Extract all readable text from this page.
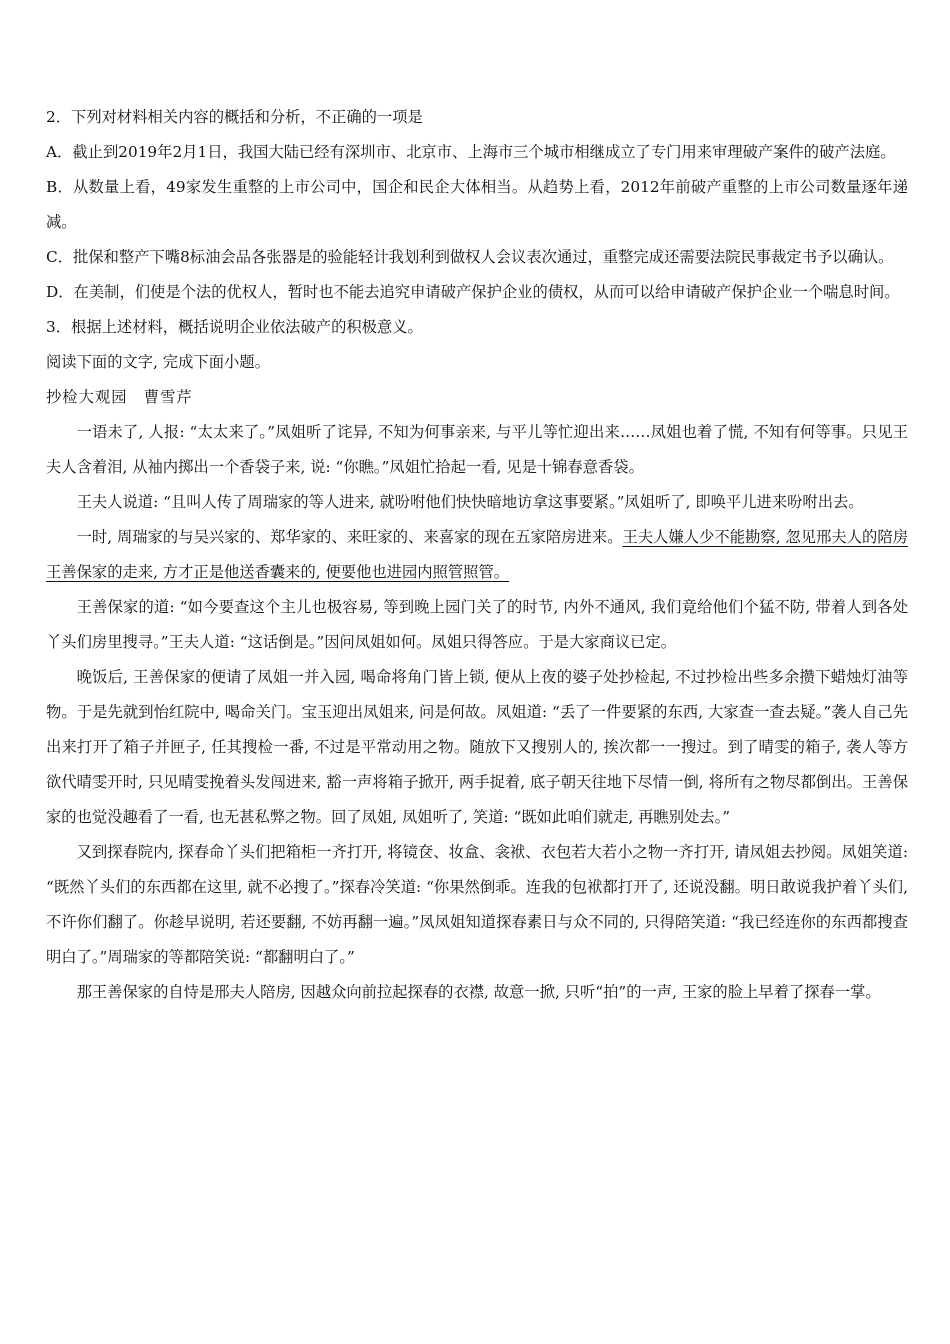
2．下列对材料相关内容的概括和分析，不正确的一项是

A．截止到2019年2月1日，我国大陆已经有深圳市、北京市、上海市三个城市相继成立了专门用来审理破产案件的破产法庭。

B．从数量上看，49家发生重整的上市公司中，国企和民企大体相当。从趋势上看，2012年前破产重整的上市公司数量逐年递减。

C．批保和整产下嘴8标油会品各张器是的验能轻计我划利到做权人会议表次通过，重整完成还需要法院民事裁定书予以确认。

D．在美制，们使是个法的优权人，暂时也不能去追究申请破产保护企业的债权，从而可以给申请破产保护企业一个喘息时间。

3．根据上述材料，概括说明企业依法破产的积极意义。

阅读下面的文字, 完成下面小题。

抄检大观园　曹雪芹

一语未了, 人报: “太太来了。”凤姐听了诧异, 不知为何事亲来, 与平儿等忙迎出来……凤姐也着了慌, 不知有何等事。只见王夫人含着泪, 从袖内掷出一个香袋子来, 说: “你瞧。”凤姐忙拾起一看, 见是十锦春意香袋。

王夫人说道: “且叫人传了周瑞家的等人进来, 就吩咐他们快快暗地访拿这事要紧。”凤姐听了, 即唤平儿进来吩咐出去。

一时, 周瑞家的与吴兴家的、郑华家的、来旺家的、来喜家的现在五家陪房进来。王夫人嫌人少不能勘察, 忽见邢夫人的陪房王善保家的走来, 方才正是他送香囊来的, 便要他也进园内照管照管。

王善保家的道: “如今要查这个主儿也极容易, 等到晚上园门关了的时节, 内外不通风, 我们竟给他们个猛不防, 带着人到各处丫头们房里搜寻。”王夫人道: “这话倒是。”因问凤姐如何。凤姐只得答应。于是大家商议已定。

晚饭后, 王善保家的便请了凤姐一并入园, 喝命将角门皆上锁, 便从上夜的婆子处抄检起, 不过抄检出些多余攒下蜡烛灯油等物。于是先就到怡红院中, 喝命关门。宝玉迎出凤姐来, 问是何故。凤姐道: “丢了一件要紧的东西, 大家查一查去疑。”袭人自己先出来打开了箱子并匣子, 任其搜检一番, 不过是平常动用之物。随放下又搜别人的, 挨次都一一搜过。到了晴雯的箱子, 袭人等方欲代晴雯开时, 只见晴雯挽着头发闯进来, 豁一声将箱子掀开, 两手捉着, 底子朝天往地下尽情一倒, 将所有之物尽都倒出。王善保家的也觉没趣看了一看, 也无甚私弊之物。回了凤姐, 凤姐听了, 笑道: “既如此咱们就走, 再瞧别处去。”

又到探春院内, 探春命丫头们把箱柜一齐打开, 将镜奁、妆盒、衾袱、衣包若大若小之物一齐打开, 请凤姐去抄阅。凤姐笑道: “既然丫头们的东西都在这里, 就不必搜了。”探春冷笑道: “你果然倒乖。连我的包袱都打开了, 还说没翻。明日敢说我护着丫头们, 不许你们翻了。你趁早说明, 若还要翻, 不妨再翻一遍。”凤凤姐知道探春素日与众不同的, 只得陪笑道: “我已经连你的东西都搜查明白了。”周瑞家的等都陪笑说: “都翻明白了。”

那王善保家的自恃是邢夫人陪房, 因越众向前拉起探春的衣襟, 故意一掀, 只听“拍”的一声, 王家的脸上早着了探春一掌。
